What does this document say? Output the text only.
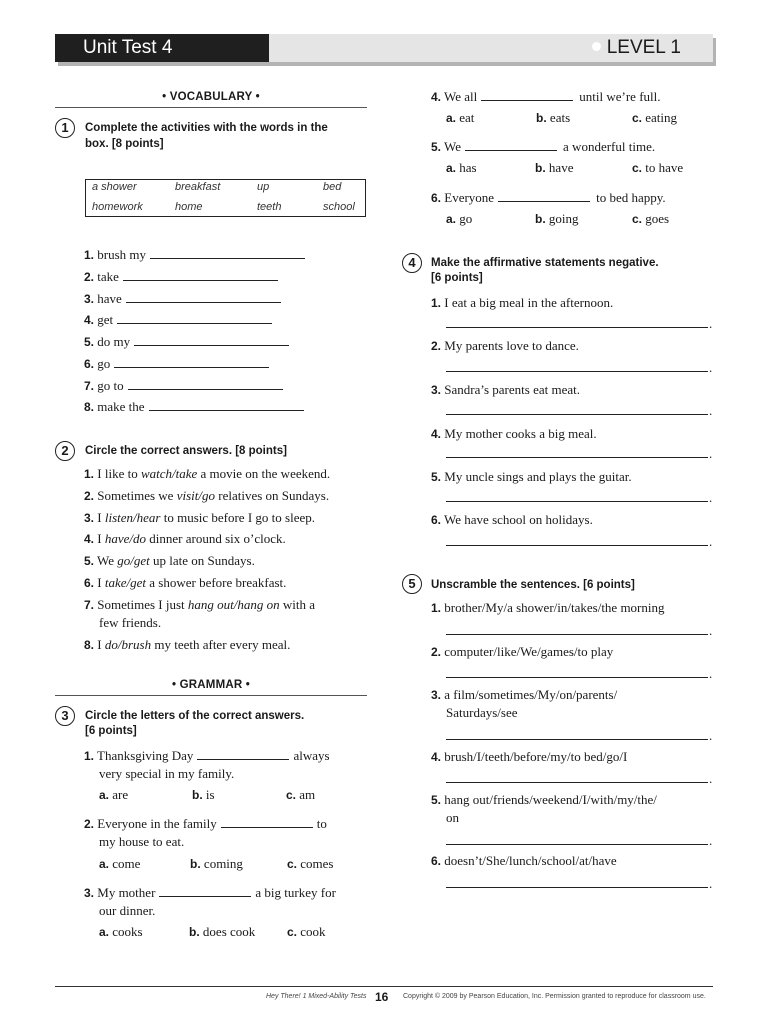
Unit Test 4	LEVEL 1
• VOCABULARY •
1	Complete the activities with the words in the
box. [8 points]
a shower	breakfast	up	bed
homework	home	teeth	school
1. brush my
2. take
3. have
4. get
5. do my
6. go
7. go to
8. make the
2	Circle the correct answers. [8 points]
1. I like to watch/take a movie on the weekend.
2. Sometimes we visit/go relatives on Sundays.
3. I listen/hear to music before I go to sleep.
4. I have/do dinner around six o’clock.
5. We go/get up late on Sundays.
6. I take/get a shower before breakfast.
7. Sometimes I just hang out/hang on with a
few friends.
8. I do/brush my teeth after every meal.
• GRAMMAR •
3	Circle the letters of the correct answers.
[6 points]
1. Thanksgiving Day	always
very special in my family.
a. are	b. is	c. am
2. Everyone in the family	to
my house to eat.
a. come	b. coming	c. comes
3. My mother	a big turkey for
our dinner.
a. cooks	b. does cook	c. cook
4. We all	until we’re full.
a. eat	b. eats	c. eating
5. We	a wonderful time.
a. has	b. have	c. to have
6. Everyone	to bed happy.
a. go	b. going	c. goes
4	Make the affirmative statements negative.
[6 points]
1. I eat a big meal in the afternoon.
.
2. My parents love to dance.
.
3. Sandra’s parents eat meat.
.
4. My mother cooks a big meal.
.
5. My uncle sings and plays the guitar.
.
6. We have school on holidays.
.
5	Unscramble the sentences. [6 points]
1. brother/My/a shower/in/takes/the morning
.
2. computer/like/We/games/to play
.
3. a film/sometimes/My/on/parents/
Saturdays/see
.
4. brush/I/teeth/before/my/to bed/go/I
.
5. hang out/friends/weekend/I/with/my/the/
on
.
6. doesn’t/She/lunch/school/at/have
.
Hey There! 1 Mixed-Ability Tests 16 Copyright © 2009 by Pearson Education, Inc. Permission granted to reproduce for classroom use.
